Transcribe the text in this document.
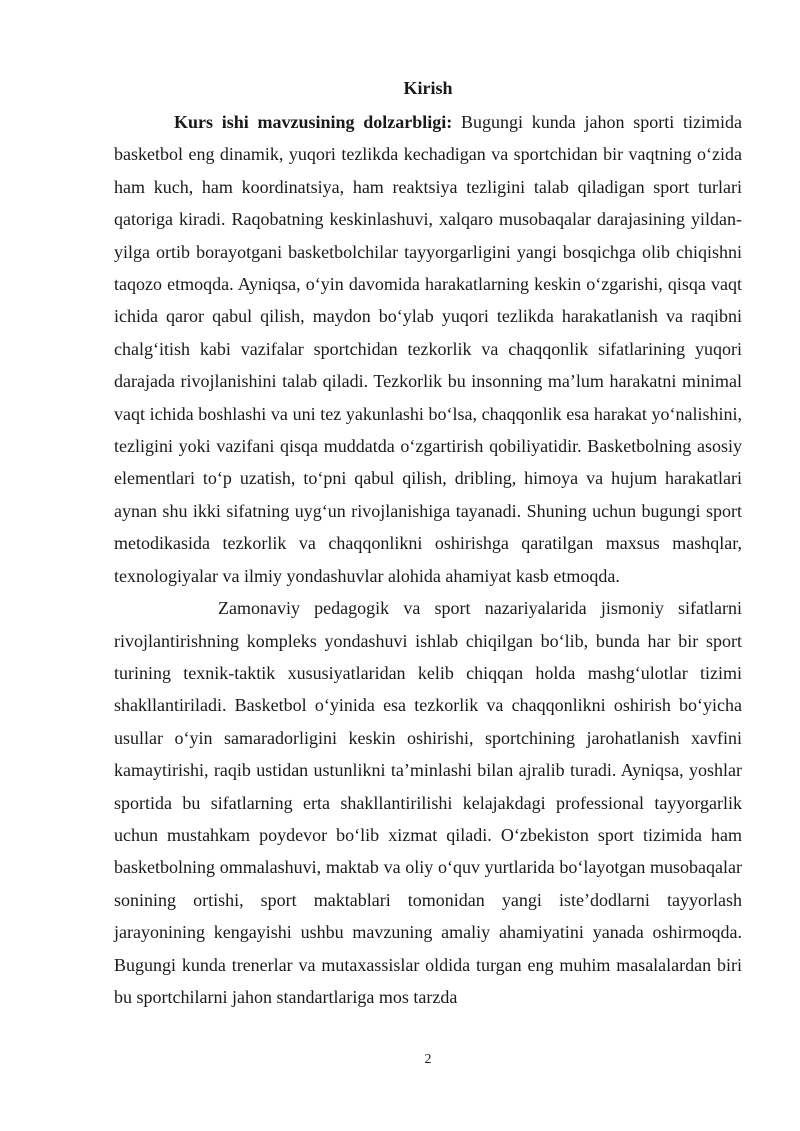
Kirish

Kurs ishi mavzusining dolzarbligi: Bugungi kunda jahon sporti tizimida basketbol eng dinamik, yuqori tezlikda kechadigan va sportchidan bir vaqtning oʻzida ham kuch, ham koordinatsiya, ham reaktsiya tezligini talab qiladigan sport turlari qatoriga kiradi. Raqobatning keskinlashuvi, xalqaro musobaqalar darajasining yildan-yilga ortib borayotgani basketbolchilar tayyorgarligini yangi bosqichga olib chiqishni taqozo etmoqda. Ayniqsa, oʻyin davomida harakatlarning keskin oʻzgarishi, qisqa vaqt ichida qaror qabul qilish, maydon boʻylab yuqori tezlikda harakatlanish va raqibni chalgʻitish kabi vazifalar sportchidan tezkorlik va chaqqonlik sifatlarining yuqori darajada rivojlanishini talab qiladi. Tezkorlik bu insonning maʼlum harakatni minimal vaqt ichida boshlashi va uni tez yakunlashi boʻlsa, chaqqonlik esa harakat yoʻnalishini, tezligini yoki vazifani qisqa muddatda oʻzgartirish qobiliyatidir. Basketbolning asosiy elementlari toʻp uzatish, toʻpni qabul qilish, dribling, himoya va hujum harakatlari aynan shu ikki sifatning uygʻun rivojlanishiga tayanadi. Shuning uchun bugungi sport metodikasida tezkorlik va chaqqonlikni oshirishga qaratilgan maxsus mashqlar, texnologiyalar va ilmiy yondashuvlar alohida ahamiyat kasb etmoqda.

Zamonaviy pedagogik va sport nazariyalarida jismoniy sifatlarni rivojlantirishning kompleks yondashuvi ishlab chiqilgan boʻlib, bunda har bir sport turining texnik-taktik xususiyatlaridan kelib chiqqan holda mashgʻulotlar tizimi shakllantiriladi. Basketbol oʻyinida esa tezkorlik va chaqqonlikni oshirish boʻyicha usullar oʻyin samaradorligini keskin oshirishi, sportchining jarohatlanish xavfini kamaytirishi, raqib ustidan ustunlikni taʼminlashi bilan ajralib turadi. Ayniqsa, yoshlar sportida bu sifatlarning erta shakllantirilishi kelajakdagi professional tayyorgarlik uchun mustahkam poydevor boʻlib xizmat qiladi. Oʻzbekiston sport tizimida ham basketbolning ommalashuvi, maktab va oliy oʻquv yurtlarida boʻlayotgan musobaqalar sonining ortishi, sport maktablari tomonidan yangi isteʼdodlarni tayyorlash jarayonining kengayishi ushbu mavzuning amaliy ahamiyatini yanada oshirmoqda. Bugungi kunda trenerlar va mutaxassislar oldida turgan eng muhim masalalardan biri bu sportchilarni jahon standartlariga mos tarzda

2
